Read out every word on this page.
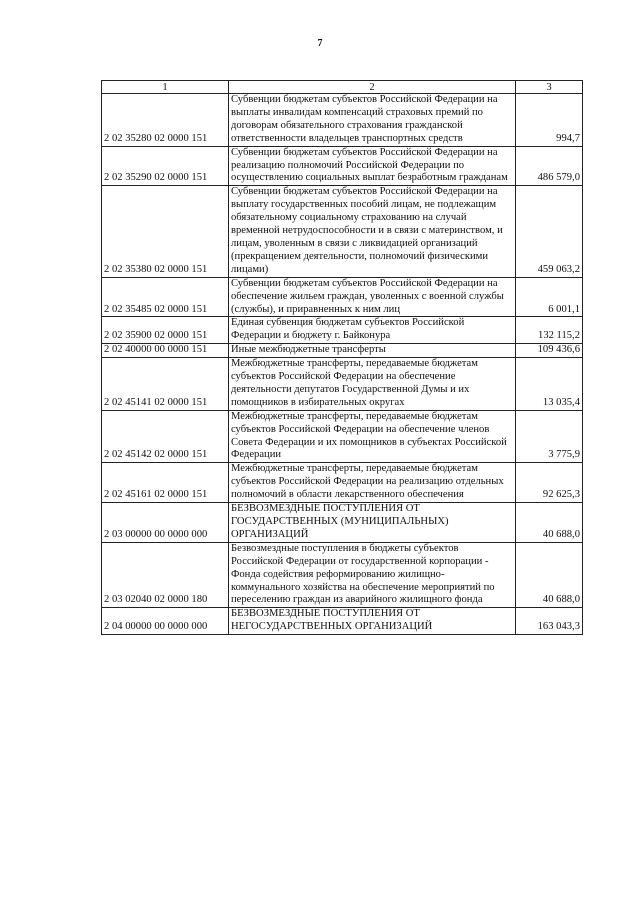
7
1	2	3
2 02 35280 02 0000 151	Субвенции бюджетам субъектов Российской Федерации на выплаты инвалидам компенсаций страховых премий по договорам обязательного страхования гражданской ответственности владельцев транспортных средств	994,7
2 02 35290 02 0000 151	Субвенции бюджетам субъектов Российской Федерации на реализацию полномочий Российской Федерации по осуществлению социальных выплат безработным гражданам	486 579,0
2 02 35380 02 0000 151	Субвенции бюджетам субъектов Российской Федерации на выплату государственных пособий лицам, не подлежащим обязательному социальному страхованию на случай временной нетрудоспособности и в связи с материнством, и лицам, уволенным в связи с ликвидацией организаций (прекращением деятельности, полномочий физическими лицами)	459 063,2
2 02 35485 02 0000 151	Субвенции бюджетам субъектов Российской Федерации на обеспечение жильем граждан, уволенных с военной службы (службы), и приравненных к ним лиц	6 001,1
2 02 35900 02 0000 151	Единая субвенция бюджетам субъектов Российской Федерации и бюджету г. Байконура	132 115,2
2 02 40000 00 0000 151	Иные межбюджетные трансферты	109 436,6
2 02 45141 02 0000 151	Межбюджетные трансферты, передаваемые бюджетам субъектов Российской Федерации на обеспечение деятельности депутатов Государственной Думы и их помощников в избирательных округах	13 035,4
2 02 45142 02 0000 151	Межбюджетные трансферты, передаваемые бюджетам субъектов Российской Федерации на обеспечение членов Совета Федерации и их помощников в субъектах Российской Федерации	3 775,9
2 02 45161 02 0000 151	Межбюджетные трансферты, передаваемые бюджетам субъектов Российской Федерации на реализацию отдельных полномочий в области лекарственного обеспечения	92 625,3
2 03 00000 00 0000 000	БЕЗВОЗМЕЗДНЫЕ ПОСТУПЛЕНИЯ ОТ ГОСУДАРСТВЕННЫХ (МУНИЦИПАЛЬНЫХ) ОРГАНИЗАЦИЙ	40 688,0
2 03 02040 02 0000 180	Безвозмездные поступления в бюджеты субъектов Российской Федерации от государственной корпорации - Фонда содействия реформированию жилищно-коммунального хозяйства на обеспечение мероприятий по переселению граждан из аварийного жилищного фонда	40 688,0
2 04 00000 00 0000 000	БЕЗВОЗМЕЗДНЫЕ ПОСТУПЛЕНИЯ ОТ НЕГОСУДАРСТВЕННЫХ ОРГАНИЗАЦИЙ	163 043,3
